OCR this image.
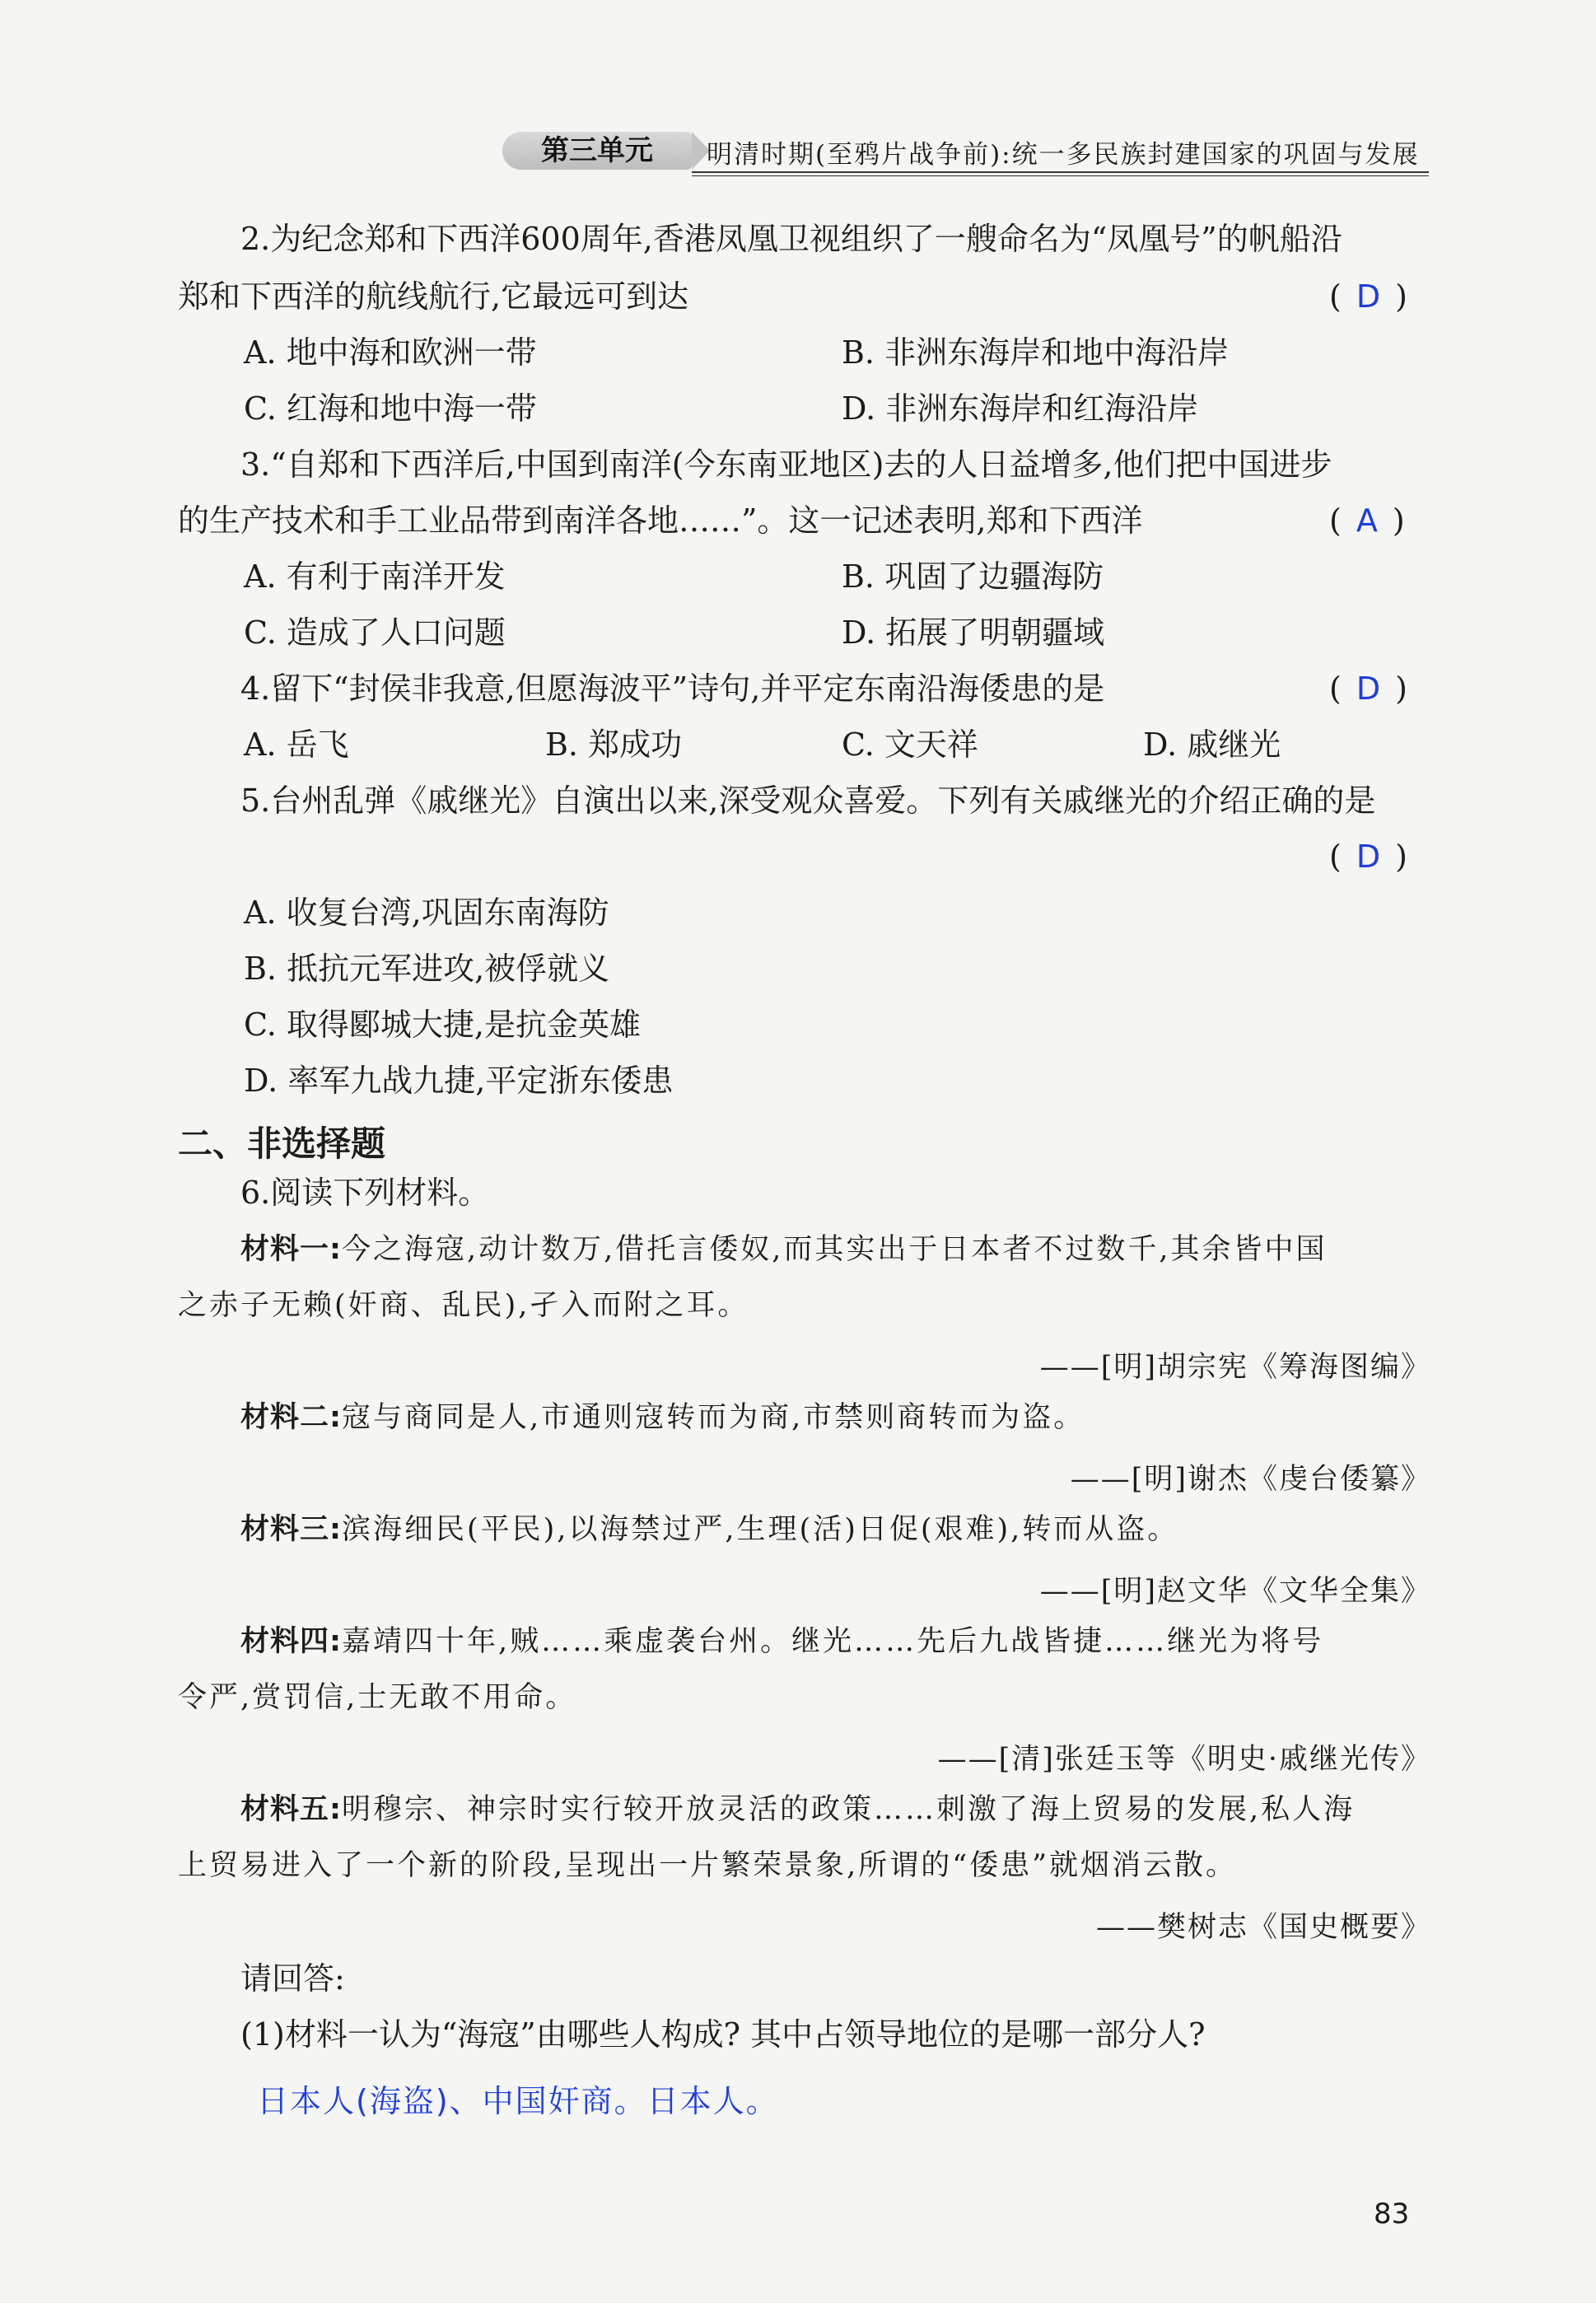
第三单元	明清时期(至鸦片战争前):统一多民族封建国家的巩固与发展
2.为纪念郑和下西洋600周年,香港凤凰卫视组织了一艘命名为“凤凰号”的帆船沿
郑和下西洋的航线航行,它最远可到达	( D )
A. 地中海和欧洲一带	B. 非洲东海岸和地中海沿岸
C. 红海和地中海一带	D. 非洲东海岸和红海沿岸
3.“自郑和下西洋后,中国到南洋(今东南亚地区)去的人日益增多,他们把中国进步
的生产技术和手工业品带到南洋各地……”。这一记述表明,郑和下西洋	( A )
A. 有利于南洋开发	B. 巩固了边疆海防
C. 造成了人口问题	D. 拓展了明朝疆域
4.留下“封侯非我意,但愿海波平”诗句,并平定东南沿海倭患的是	( D )
A. 岳飞	B. 郑成功	C. 文天祥	D. 戚继光
5.台州乱弹《戚继光》自演出以来,深受观众喜爱。下列有关戚继光的介绍正确的是
( D )
A. 收复台湾,巩固东南海防
B. 抵抗元军进攻,被俘就义
C. 取得郾城大捷,是抗金英雄
D. 率军九战九捷,平定浙东倭患
二、非选择题
6.阅读下列材料。
材料一:今之海寇,动计数万,借托言倭奴,而其实出于日本者不过数千,其余皆中国
之赤子无赖(奸商、乱民),孑入而附之耳。
——[明]胡宗宪《筹海图编》
材料二:寇与商同是人,市通则寇转而为商,市禁则商转而为盗。
——[明]谢杰《虔台倭纂》
材料三:滨海细民(平民),以海禁过严,生理(活)日促(艰难),转而从盗。
——[明]赵文华《文华全集》
材料四:嘉靖四十年,贼……乘虚袭台州。继光……先后九战皆捷……继光为将号
令严,赏罚信,士无敢不用命。
——[清]张廷玉等《明史·戚继光传》
材料五:明穆宗、神宗时实行较开放灵活的政策……刺激了海上贸易的发展,私人海
上贸易进入了一个新的阶段,呈现出一片繁荣景象,所谓的“倭患”就烟消云散。
——樊树志《国史概要》
请回答:
(1)材料一认为“海寇”由哪些人构成? 其中占领导地位的是哪一部分人?
日本人(海盗)、中国奸商。日本人。
83
